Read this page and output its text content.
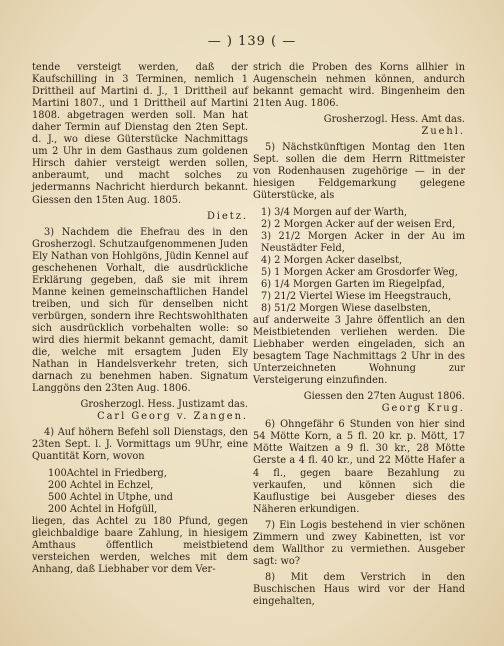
— ) 139 ( —

tende versteigt werden, daß der Kaufschilling in 3 Terminen, nemlich 1 Drittheil auf Martini d. J., 1 Drittheil auf Martini 1807., und 1 Drittheil auf Martini 1808. abgetragen werden soll. Man hat daher Termin auf Dienstag den 2ten Sept. d. J., wo diese Güterstücke Nachmittags um 2 Uhr in dem Gasthaus zum goldenen Hirsch dahier versteigt werden sollen, anberaumt, und macht solches zu jedermanns Nachricht hierdurch bekannt. Giessen den 15ten Aug. 1805.

Dietz.

3) Nachdem die Ehefrau des in den Grosherzogl. Schutzaufgenommenen Juden Ely Nathan von Hohlgöns, Jüdin Kennel auf geschehenen Vorhalt, die ausdrückliche Erklärung gegeben, daß sie mit ihrem Manne keinen gemeinschaftlichen Handel treiben, und sich für denselben nicht verbürgen, sondern ihre Rechtswohlthaten sich ausdrücklich vorbehalten wolle: so wird dies hiermit bekannt gemacht, damit die, welche mit ersagtem Juden Ely Nathan in Handelsverkehr treten, sich darnach zu benehmen haben. Signatum Langgöns den 23ten Aug. 1806.

Grosherzogl. Hess. Justizamt das.
Carl Georg v. Zangen.

4) Auf höhern Befehl soll Dienstags, den 23ten Sept. l. J. Vormittags um 9Uhr, eine Quantität Korn, wovon

100Achtel in Friedberg,
200 Achtel in Echzel,
500 Achtel in Utphe, und
200 Achtel in Hofgüll,

liegen, das Achtel zu 180 Pfund, gegen gleichbaldige baare Zahlung, in hiesigem Amthaus öffentlich meistbietend versteichen werden, welches mit dem Anhang, daß Liebhaber vor dem Ver-

strich die Proben des Korns allhier in Augenschein nehmen können, andurch bekannt gemacht wird. Bingenheim den 21ten Aug. 1806.

Grosherzogl. Hess. Amt das.
Zuehl.

5) Nächstkünftigen Montag den 1ten Sept. sollen die dem Herrn Rittmeister von Rodenhausen zugehörige — in der hiesigen Feldgemarkung gelegene Güterstücke, als

1) 3/4 Morgen auf der Warth,
2) 2 Morgen Acker auf der weisen Erd,
3) 21/2 Morgen Acker in der Au im Neustädter Feld,
4) 2 Morgen Acker daselbst,
5) 1 Morgen Acker am Grosdorfer Weg,
6) 1/4 Morgen Garten im Riegelpfad,
7) 21/2 Viertel Wiese im Heegstrauch,
8) 51/2 Morgen Wiese daselbsten,

auf anderweite 3 Jahre öffentlich an den Meistbietenden verliehen werden. Die Liebhaber werden eingeladen, sich an besagtem Tage Nachmittags 2 Uhr in des Unterzeichneten Wohnung zur Versteigerung einzufinden.

Giessen den 27ten August 1806.
Georg Krug.

6) Ohngefähr 6 Stunden von hier sind 54 Mötte Korn, a 5 fl. 20 kr. p. Mött, 17 Mötte Waitzen a 9 fl. 30 kr., 28 Mötte Gerste a 4 fl. 40 kr., und 22 Mötte Hafer a 4 fl., gegen baare Bezahlung zu verkaufen, und können sich die Kauflustige bei Ausgeber dieses des Näheren erkundigen.

7) Ein Logis bestehend in vier schönen Zimmern und zwey Kabinetten, ist vor dem Wallthor zu vermiethen. Ausgeber sagt: wo?

8) Mit dem Verstrich in den Buschischen Haus wird vor der Hand eingehalten,
